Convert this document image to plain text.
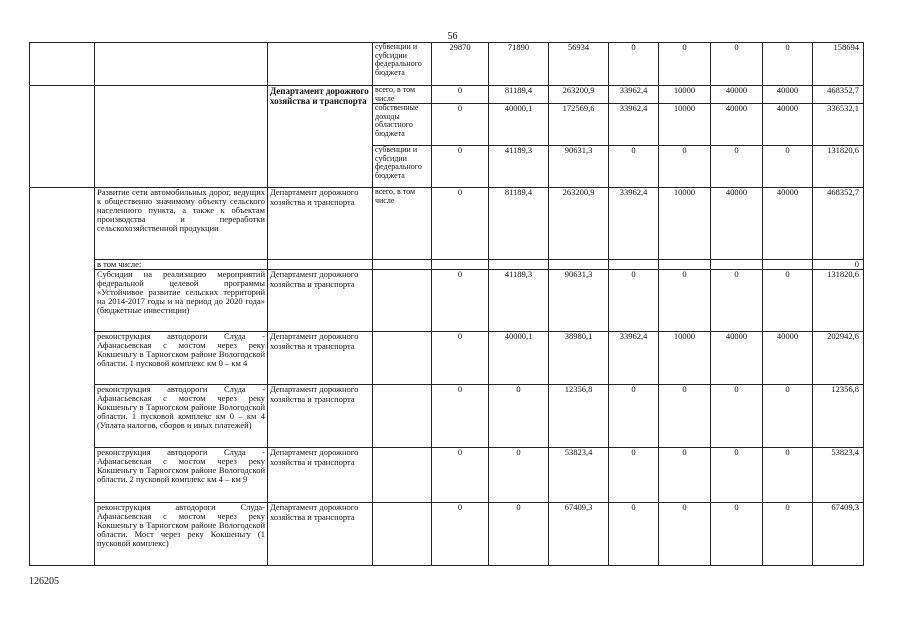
56
			субвенции и субсидии федерального бюджета	29870	71890	56934	0	0	0	0	158694
		Департамент дорожного хозяйства и транспорта	всего, в том числе	0	81189,4	263200,9	33962,4	10000	40000	40000	468352,7
			собственные доходы областного бюджета	0	40000,1	172569,6	33962,4	10000	40000	40000	336532,1
			субвенции и субсидии федерального бюджета	0	41189,3	90631,3	0	0	0	0	131820,6
	Развитие сети автомобильных дорог, ведущих к общественно значимому объекту сельского населенного пункта, а также к объектам производства и переработки сельскохозяйственной продукции	Департамент дорожного хозяйства и транспорта	всего, в том числе	0	81189,4	263200,9	33962,4	10000	40000	40000	468352,7
	в том числе:										0
	Субсидии на реализацию мероприятий федеральной целевой программы «Устойчивое развитие сельских территорий на 2014-2017 годы и на период до 2020 года» (бюджетные инвестиции)	Департамент дорожного хозяйства и транспорта		0	41189,3	90631,3	0	0	0	0	131820,6
	реконструкция автодороги Слуда - Афанасьевская с мостом через реку Кокшеньгу в Тарногском районе Вологодской области. 1 пусковой комплекс км 0 – км 4	Департамент дорожного хозяйства и транспорта		0	40000,1	38980,1	33962,4	10000	40000	40000	202942,6
	реконструкция автодороги Слуда - Афанасьевская с мостом через реку Кокшеньгу в Тарногском районе Вологодской области. 1 пусковой комплекс км 0 – км 4 (Уплата налогов, сборов и иных платежей)	Департамент дорожного хозяйства и транспорта		0	0	12356,8	0	0	0	0	12356,8
	реконструкция автодороги Слуда - Афанасьевская с мостом через реку Кокшеньгу в Тарногском районе Вологодской области. 2 пусковой комплекс км 4 – км 9	Департамент дорожного хозяйства и транспорта		0	0	53823,4	0	0	0	0	53823,4
	реконструкция автодороги Слуда-Афанасьевская с мостом через реку Кокшеньгу в Тарногском районе Вологодской области. Мост через реку Кокшеньгу (1 пусковой комплекс)	Департамент дорожного хозяйства и транспорта		0	0	67409,3	0	0	0	0	67409,3
126205
